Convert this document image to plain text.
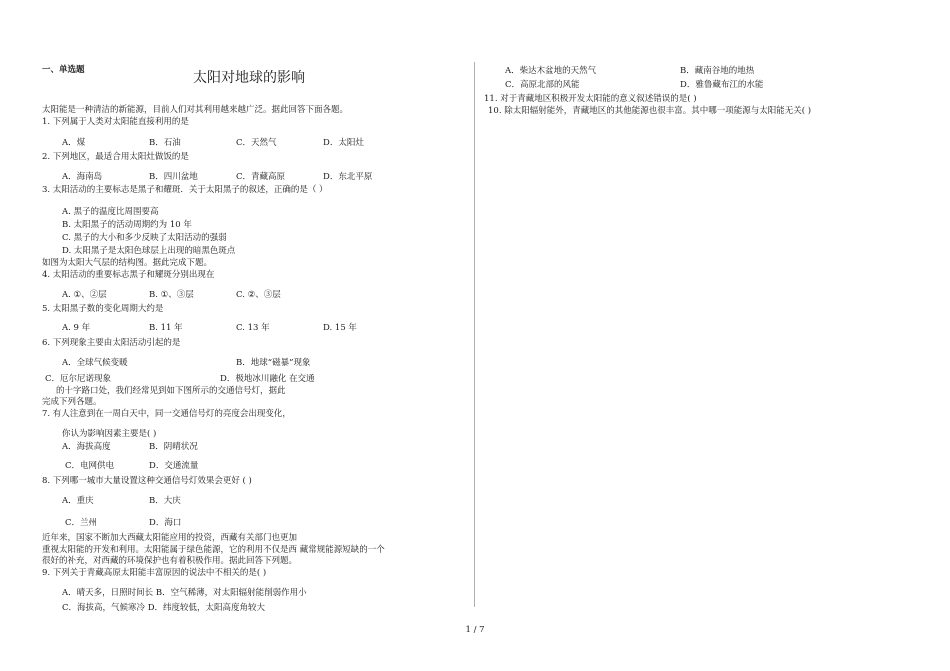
一、单选题	太阳对地球的影响
太阳能是一种清洁的新能源，目前人们对其利用越来越广泛。据此回答下面各题。
1. 下列属于人类对太阳能直接利用的是
A．煤	B．石油	C．天然气	D．太阳灶
2. 下列地区，最适合用太阳灶做饭的是
A．海南岛	B．四川盆地	C．青藏高原	D．东北平原
3. 太阳活动的主要标志是黑子和耀斑．关于太阳黑子的叙述，正确的是（ ）
A. 黑子的温度比周围要高
B. 太阳黑子的活动周期约为 10 年
C. 黑子的大小和多少反映了太阳活动的强弱
D. 太阳黑子是太阳色球层上出现的暗黑色斑点
如图为太阳大气层的结构图。据此完成下题。
4. 太阳活动的重要标志黑子和耀斑分别出现在
A. ①、②层	B. ①、③层	C. ②、③层
5. 太阳黑子数的变化周期大约是
A. 9 年	B. 11 年	C. 13 年	D. 15 年
6. 下列现象主要由太阳活动引起的是
A．全球气候变暖	B．地球“磁暴”现象
C．厄尔尼诺现象	D．极地冰川融化 在交通
的十字路口处，我们经常见到如下图所示的交通信号灯，据此
完成下列各题。
7. 有人注意到在一周白天中，同一交通信号灯的亮度会出现变化，
你认为影响因素主要是( )
A．海拔高度	B．阴晴状况
C．电网供电	D．交通流量
8. 下列哪一城市大量设置这种交通信号灯效果会更好 ( )
A．重庆	B．大庆
C．兰州	D．海口
近年来，国家不断加大西藏太阳能应用的投资，西藏有关部门也更加
重视太阳能的开发和利用。太阳能属于绿色能源，它的利用不仅是西 藏常规能源短缺的一个
很好的补充，对西藏的环境保护也有着积极作用。据此回答下列题。
9. 下列关于青藏高原太阳能丰富原因的说法中不相关的是( )
A．晴天多，日照时间长 B．空气稀薄，对太阳辐射能削弱作用小
C．海拔高，气候寒冷 D．纬度较低，太阳高度角较大
A．柴达木盆地的天然气	B．藏南谷地的地热
C．高原北部的风能	D．雅鲁藏布江的水能
11. 对于青藏地区积极开发太阳能的意义叙述错误的是( )
10. 除太阳辐射能外，青藏地区的其他能源也很丰富。其中哪一项能源与太阳能无关( )
1 / 7
